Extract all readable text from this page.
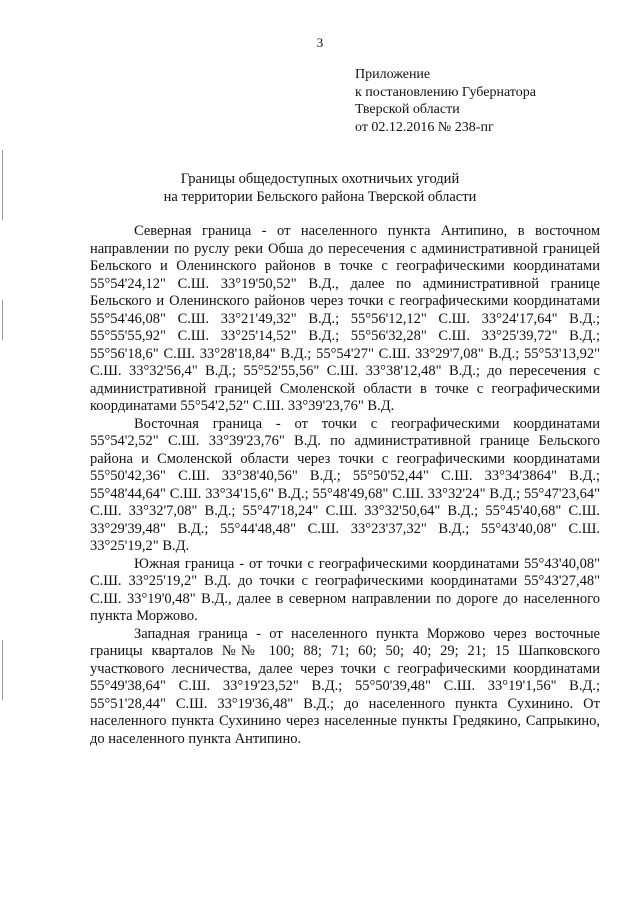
3
Приложение
к постановлению Губернатора
Тверской области
от 02.12.2016 № 238-пг
Границы общедоступных охотничьих угодий
на территории Бельского района Тверской области

Северная граница - от населенного пункта Антипино, в восточном направлении по руслу реки Обша до пересечения с административной границей Бельского и Оленинского районов в точке с географическими координатами 55°54'24,12" С.Ш. 33°19'50,52" В.Д., далее по административной границе Бельского и Оленинского районов через точки с географическими координатами 55°54'46,08" С.Ш. 33°21'49,32" В.Д.; 55°56'12,12" С.Ш. 33°24'17,64" В.Д.; 55°55'55,92" С.Ш. 33°25'14,52" В.Д.; 55°56'32,28" С.Ш. 33°25'39,72" В.Д.; 55°56'18,6" С.Ш. 33°28'18,84" В.Д.; 55°54'27" С.Ш. 33°29'7,08" В.Д.; 55°53'13,92" С.Ш. 33°32'56,4" В.Д.; 55°52'55,56" С.Ш. 33°38'12,48" В.Д.; до пересечения с административной границей Смоленской области в точке с географическими координатами 55°54'2,52" С.Ш. 33°39'23,76" В.Д.

Восточная граница - от точки с географическими координатами 55°54'2,52" С.Ш. 33°39'23,76" В.Д. по административной границе Бельского района и Смоленской области через точки с географическими координатами 55°50'42,36" С.Ш. 33°38'40,56" В.Д.; 55°50'52,44" С.Ш. 33°34'3864" В.Д.; 55°48'44,64" С.Ш. 33°34'15,6" В.Д.; 55°48'49,68" С.Ш. 33°32'24" В.Д.; 55°47'23,64" С.Ш. 33°32'7,08" В.Д.; 55°47'18,24" С.Ш. 33°32'50,64" В.Д.; 55°45'40,68" С.Ш. 33°29'39,48" В.Д.; 55°44'48,48" С.Ш. 33°23'37,32" В.Д.; 55°43'40,08" С.Ш. 33°25'19,2" В.Д.

Южная граница - от точки с географическими координатами 55°43'40,08" С.Ш. 33°25'19,2" В.Д. до точки с географическими координатами 55°43'27,48" С.Ш. 33°19'0,48" В.Д., далее в северном направлении по дороге до населенного пункта Моржово.

Западная граница - от населенного пункта Моржово через восточные границы кварталов №№ 100; 88; 71; 60; 50; 40; 29; 21; 15 Шапковского участкового лесничества, далее через точки с географическими координатами 55°49'38,64" С.Ш. 33°19'23,52" В.Д.; 55°50'39,48" С.Ш. 33°19'1,56" В.Д.; 55°51'28,44" С.Ш. 33°19'36,48" В.Д.; до населенного пункта Сухинино. От населенного пункта Сухинино через населенные пункты Гредякино, Сапрыкино, до населенного пункта Антипино.
